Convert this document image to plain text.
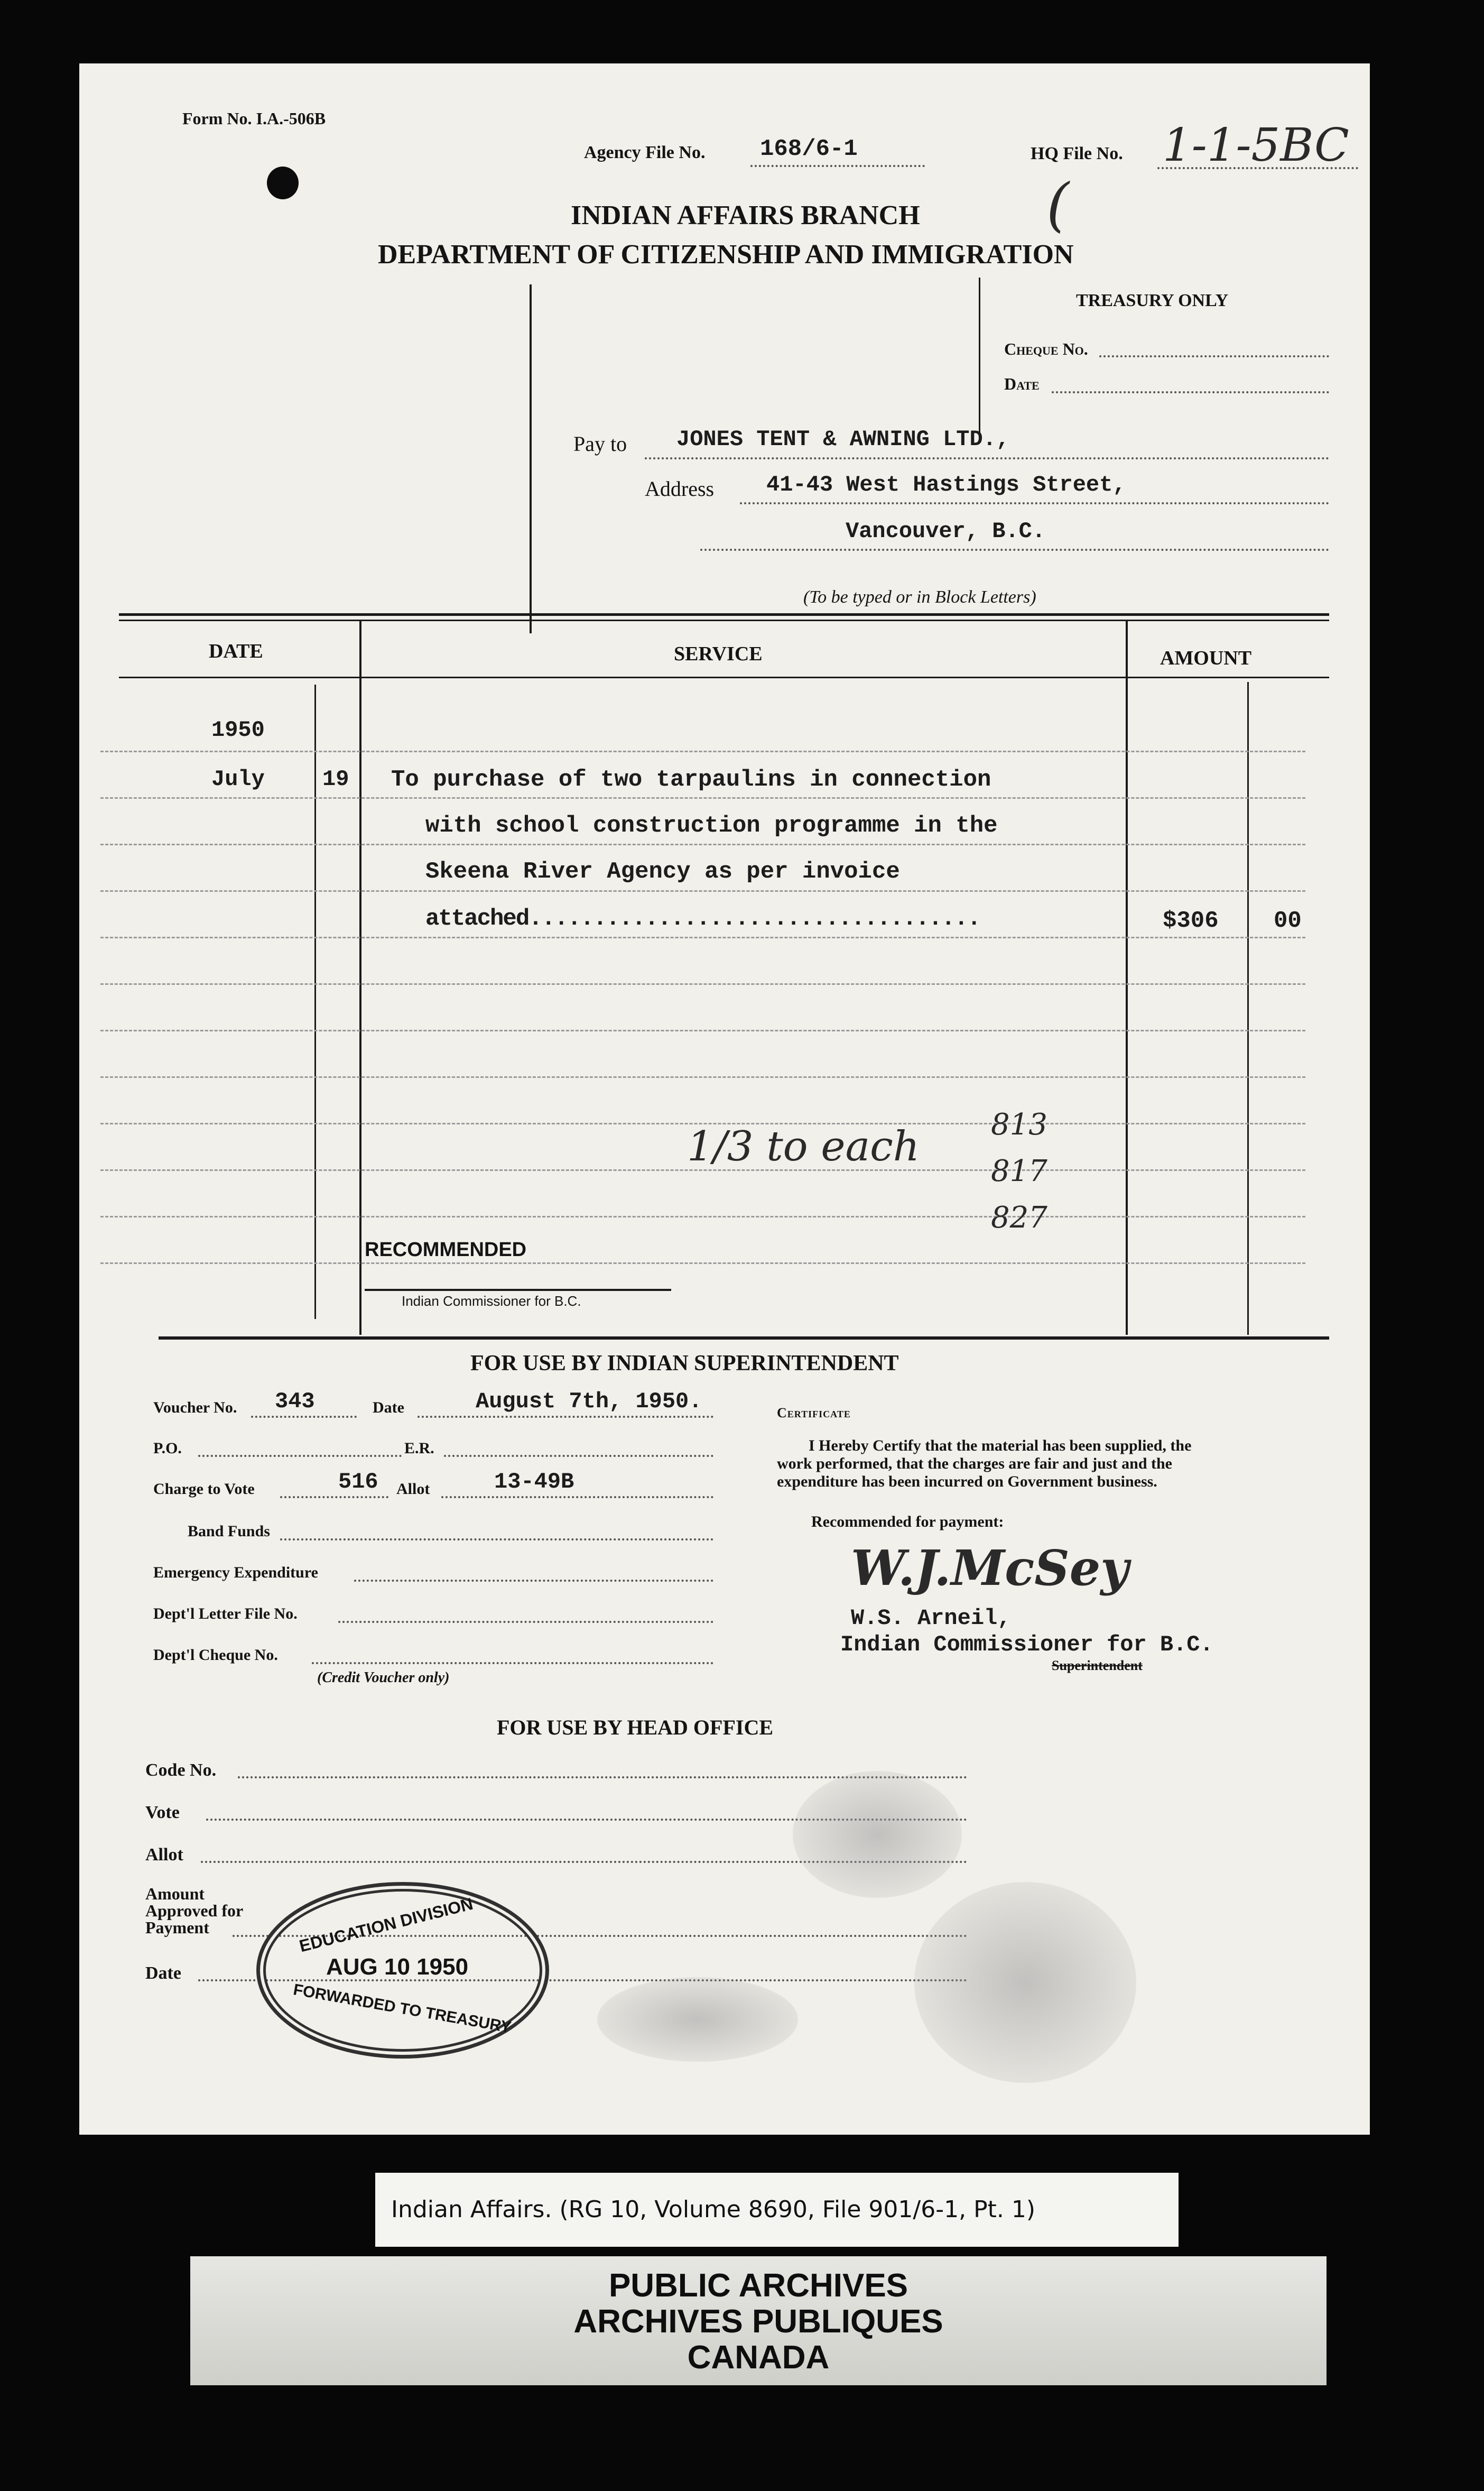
Form No. I.A.-506B
Agency File No. 168/6-1	HQ File No. 1-1-5BC
INDIAN AFFAIRS BRANCH
DEPARTMENT OF CITIZENSHIP AND IMMIGRATION
(
TREASURY ONLY
Cheque No.
Date
Pay to JONES TENT & AWNING LTD.,
Address 41-43 West Hastings Street,
Vancouver, B.C.
(To be typed or in Block Letters)
DATE	SERVICE	AMOUNT
1950
July	19 To purchase of two tarpaulins in connection
with school construction programme in the
Skeena River Agency as per invoice
attached...................................	$306 00
1/3 to each 813
817
827
RECOMMENDED
Indian Commissioner for B.C.
FOR USE BY INDIAN SUPERINTENDENT
Voucher No. 343	Date	August 7th, 1950.
P.O.	E.R.
Charge to Vote	516 Allot	13-49B
Band Funds
Emergency Expenditure
Dept'l Letter File No.
Dept'l Cheque No.
(Credit Voucher only)
Certificate
I Hereby Certify that the material has been supplied, the
work performed, that the charges are fair and just and the
expenditure has been incurred on Government business.
Recommended for payment:
W.J.McSey
W.S. Arneil,
Indian Commissioner for B.C.
Superintendent
FOR USE BY HEAD OFFICE
Code No.
Vote
Allot
Amount
Approved for
Payment
Date
EDUCATION DIVISION
AUG 10 1950
FORWARDED TO TREASURY
Indian Affairs. (RG 10, Volume 8690, File 901/6-1, Pt. 1)
PUBLIC ARCHIVES
ARCHIVES PUBLIQUES
CANADA
